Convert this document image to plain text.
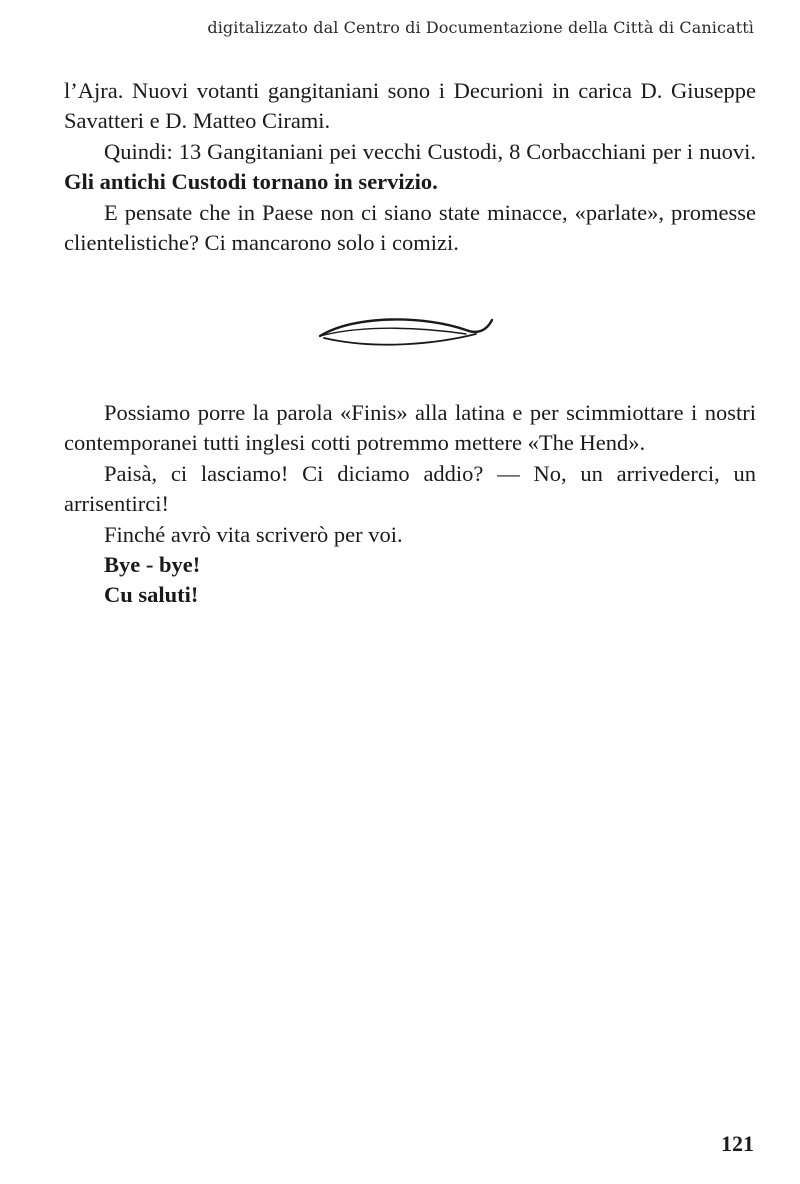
digitalizzato dal Centro di Documentazione della Città di Canicattì

l’Ajra. Nuovi votanti gangitaniani sono i Decurioni in carica D. Giuseppe Savatteri e D. Matteo Cirami.

Quindi: 13 Gangitaniani pei vecchi Custodi, 8 Corbacchiani per i nuovi. Gli antichi Custodi tornano in servizio.

E pensate che in Paese non ci siano state minacce, «parlate», promesse clientelistiche? Ci mancarono solo i comizi.

Possiamo porre la parola «Finis» alla latina e per scimmiottare i nostri contemporanei tutti inglesi cotti potremmo mettere «The Hend».

Paisà, ci lasciamo! Ci diciamo addio? — No, un arrivederci, un arrisentirci!

Finché avrò vita scriverò per voi.

Bye - bye!

Cu saluti!

121
